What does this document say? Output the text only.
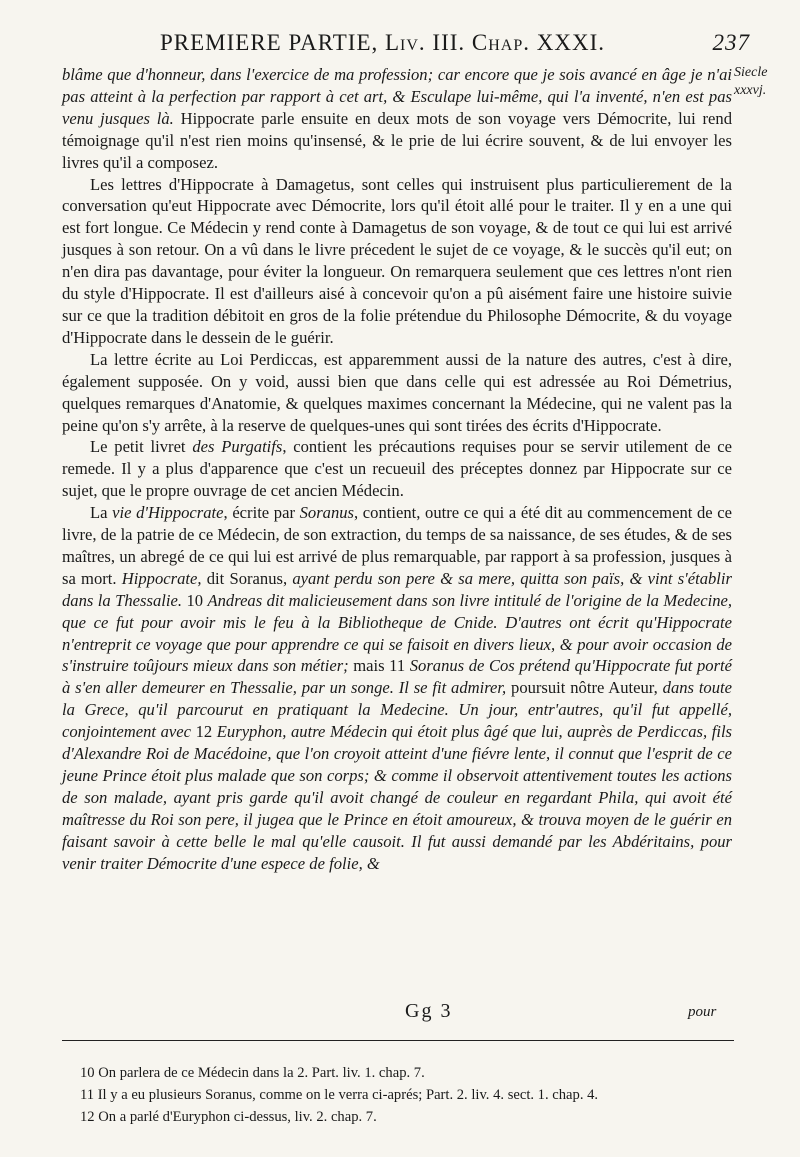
PREMIERE PARTIE, Liv. III. Chap. XXXI.	237
Siecle
xxxvj.

blâme que d'honneur, dans l'exercice de ma profession; car encore que je sois avancé en âge je n'ai pas atteint à la perfection par rapport à cet art, & Esculape lui-même, qui l'a inventé, n'en est pas venu jusques là. Hippocrate parle ensuite en deux mots de son voyage vers Démocrite, lui rend témoignage qu'il n'est rien moins qu'insensé, & le prie de lui écrire souvent, & de lui envoyer les livres qu'il a composez.

Les lettres d'Hippocrate à Damagetus, sont celles qui instruisent plus particulierement de la conversation qu'eut Hippocrate avec Démocrite, lors qu'il étoit allé pour le traiter. Il y en a une qui est fort longue. Ce Médecin y rend conte à Damagetus de son voyage, & de tout ce qui lui est arrivé jusques à son retour. On a vû dans le livre précedent le sujet de ce voyage, & le succès qu'il eut; on n'en dira pas davantage, pour éviter la longueur. On remarquera seulement que ces lettres n'ont rien du style d'Hippocrate. Il est d'ailleurs aisé à concevoir qu'on a pû aisément faire une histoire suivie sur ce que la tradition débitoit en gros de la folie prétendue du Philosophe Démocrite, & du voyage d'Hippocrate dans le dessein de le guérir.

La lettre écrite au Loi Perdiccas, est apparemment aussi de la nature des autres, c'est à dire, également supposée. On y void, aussi bien que dans celle qui est adressée au Roi Démetrius, quelques remarques d'Anatomie, & quelques maximes concernant la Médecine, qui ne valent pas la peine qu'on s'y arrête, à la reserve de quelques-unes qui sont tirées des écrits d'Hippocrate.

Le petit livret des Purgatifs, contient les précautions requises pour se servir utilement de ce remede. Il y a plus d'apparence que c'est un recueuil des préceptes donnez par Hippocrate sur ce sujet, que le propre ouvrage de cet ancien Médecin.

La vie d'Hippocrate, écrite par Soranus, contient, outre ce qui a été dit au commencement de ce livre, de la patrie de ce Médecin, de son extraction, du temps de sa naissance, de ses études, & de ses maîtres, un abregé de ce qui lui est arrivé de plus remarquable, par rapport à sa profession, jusques à sa mort. Hippocrate, dit Soranus, ayant perdu son pere & sa mere, quitta son païs, & vint s'établir dans la Thessalie. 10 Andreas dit malicieusement dans son livre intitulé de l'origine de la Medecine, que ce fut pour avoir mis le feu à la Bibliotheque de Cnide. D'autres ont écrit qu'Hippocrate n'entreprit ce voyage que pour apprendre ce qui se faisoit en divers lieux, & pour avoir occasion de s'instruire toûjours mieux dans son métier; mais 11 Soranus de Cos prétend qu'Hippocrate fut porté à s'en aller demeurer en Thessalie, par un songe. Il se fit admirer, poursuit nôtre Auteur, dans toute la Grece, qu'il parcourut en pratiquant la Medecine. Un jour, entr'autres, qu'il fut appellé, conjointement avec 12 Euryphon, autre Médecin qui étoit plus âgé que lui, auprès de Perdiccas, fils d'Alexandre Roi de Macédoine, que l'on croyoit atteint d'une fiévre lente, il connut que l'esprit de ce jeune Prince étoit plus malade que son corps; & comme il observoit attentivement toutes les actions de son malade, ayant pris garde qu'il avoit changé de couleur en regardant Phila, qui avoit été maîtresse du Roi son pere, il jugea que le Prince en étoit amoureux, & trouva moyen de le guérir en faisant savoir à cette belle le mal qu'elle causoit. Il fut aussi demandé par les Abdéritains, pour venir traiter Démocrite d'une espece de folie, &

Gg 3	pour
10 On parlera de ce Médecin dans la 2. Part. liv. 1. chap. 7.
11 Il y a eu plusieurs Soranus, comme on le verra ci-aprés; Part. 2. liv. 4. sect. 1. chap. 4.
12 On a parlé d'Euryphon ci-dessus, liv. 2. chap. 7.
